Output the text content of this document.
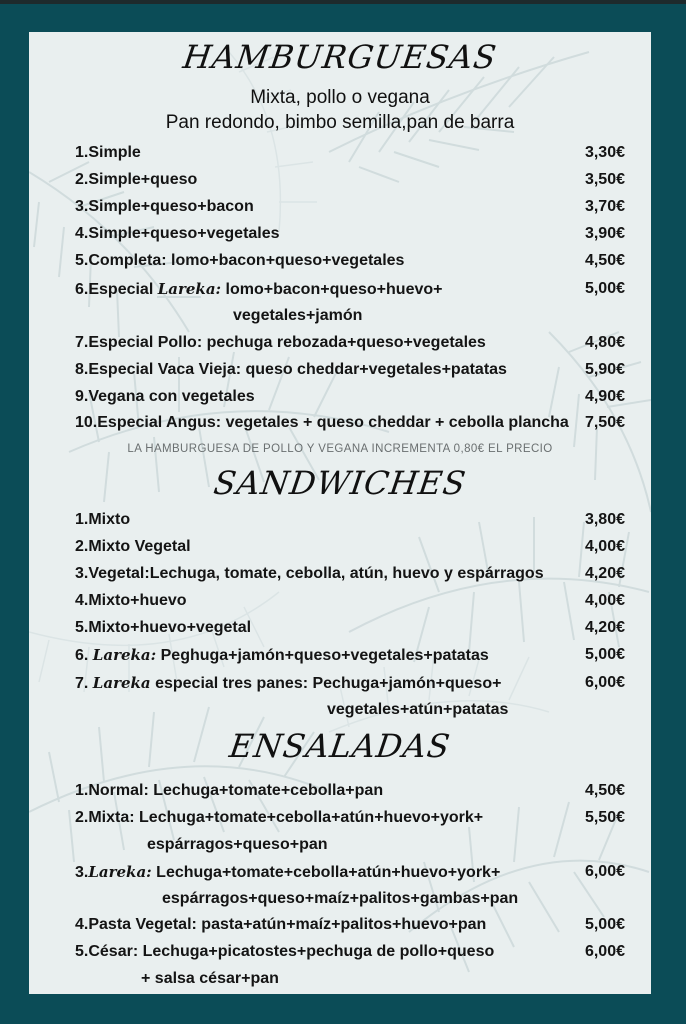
HAMBURGUESAS
Mixta, pollo o vegana
Pan redondo, bimbo semilla,pan de barra
1.Simple	3,30€
2.Simple+queso	3,50€
3.Simple+queso+bacon	3,70€
4.Simple+queso+vegetales	3,90€
5.Completa: lomo+bacon+queso+vegetales	4,50€
6.Especial Lareka: lomo+bacon+queso+huevo+	5,00€
vegetales+jamón
7.Especial Pollo: pechuga rebozada+queso+vegetales	4,80€
8.Especial Vaca Vieja: queso cheddar+vegetales+patatas	5,90€
9.Vegana con vegetales	4,90€
10.Especial Angus: vegetales + queso cheddar + cebolla plancha 7,50€
LA HAMBURGUESA DE POLLO Y VEGANA INCREMENTA 0,80€ EL PRECIO
SANDWICHES
1.Mixto	3,80€
2.Mixto Vegetal	4,00€
3.Vegetal:Lechuga, tomate, cebolla, atún, huevo y espárragos	4,20€
4.Mixto+huevo	4,00€
5.Mixto+huevo+vegetal	4,20€
6. Lareka: Peghuga+jamón+queso+vegetales+patatas	5,00€
7. Lareka especial tres panes: Pechuga+jamón+queso+	6,00€
vegetales+atún+patatas
ENSALADAS
1.Normal: Lechuga+tomate+cebolla+pan	4,50€
2.Mixta: Lechuga+tomate+cebolla+atún+huevo+york+	5,50€
espárragos+queso+pan
3.Lareka: Lechuga+tomate+cebolla+atún+huevo+york+	6,00€
espárragos+queso+maíz+palitos+gambas+pan
4.Pasta Vegetal: pasta+atún+maíz+palitos+huevo+pan	5,00€
5.César: Lechuga+picatostes+pechuga de pollo+queso	6,00€
+ salsa césar+pan
